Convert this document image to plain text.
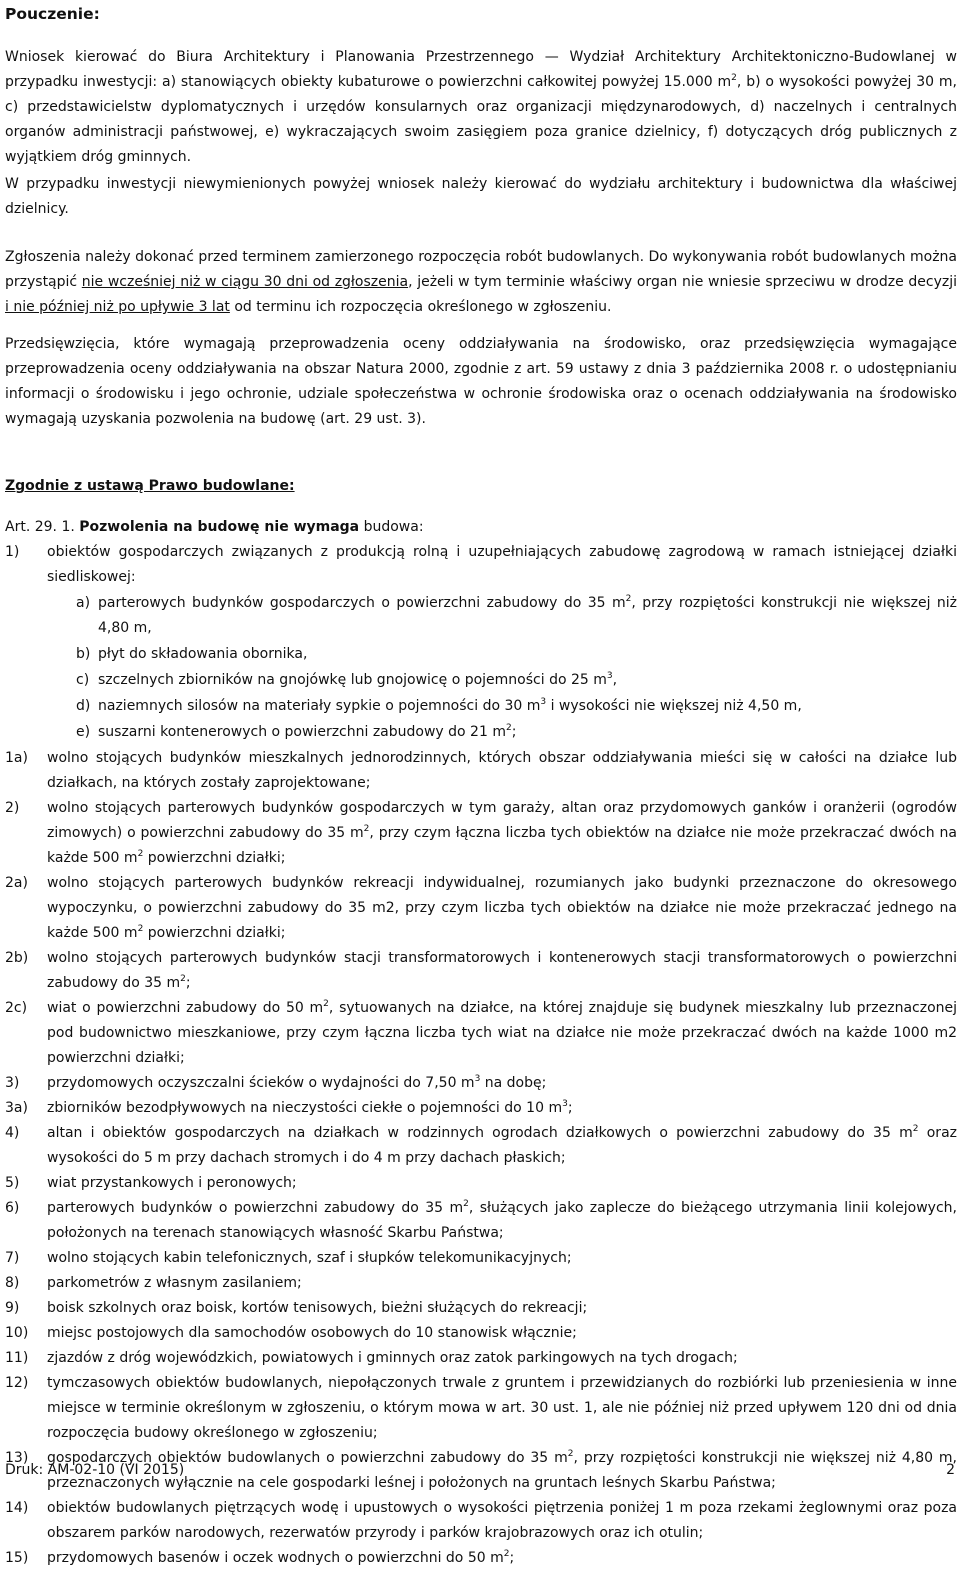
Pouczenie:

Wniosek kierować do Biura Architektury i Planowania Przestrzennego — Wydział Architektury Architektoniczno-Budowlanej w przypadku inwestycji: a) stanowiących obiekty kubaturowe o powierzchni całkowitej powyżej 15.000 $m^2$, b) o wysokości powyżej 30 m, c) przedstawicielstw dyplomatycznych i urzędów konsularnych oraz organizacji międzynarodowych, d) naczelnych i centralnych organów administracji państwowej, e) wykraczających swoim zasięgiem poza granice dzielnicy, f) dotyczących dróg publicznych z wyjątkiem dróg gminnych.

W przypadku inwestycji niewymienionych powyżej wniosek należy kierować do wydziału architektury i budownictwa dla właściwej dzielnicy.

Zgłoszenia należy dokonać przed terminem zamierzonego rozpoczęcia robót budowlanych. Do wykonywania robót budowlanych można przystąpić nie wcześniej niż w ciągu 30 dni od zgłoszenia, jeżeli w tym terminie właściwy organ nie wniesie sprzeciwu w drodze decyzji i nie później niż po upływie 3 lat od terminu ich rozpoczęcia określonego w zgłoszeniu.

Przedsięwzięcia, które wymagają przeprowadzenia oceny oddziaływania na środowisko, oraz przedsięwzięcia wymagające przeprowadzenia oceny oddziaływania na obszar Natura 2000, zgodnie z art. 59 ustawy z dnia 3 października 2008 r. o udostępnianiu informacji o środowisku i jego ochronie, udziale społeczeństwa w ochronie środowiska oraz o ocenach oddziaływania na środowisko wymagają uzyskania pozwolenia na budowę (art. 29 ust. 3).

Zgodnie z ustawą Prawo budowlane:
Art. 29. 1. Pozwolenia na budowę nie wymaga budowa:
1) obiektów gospodarczych związanych z produkcją rolną i uzupełniających zabudowę zagrodową w ramach istniejącej działki siedliskowej:
a) parterowych budynków gospodarczych o powierzchni zabudowy do 35 $m^2$, przy rozpiętości konstrukcji nie większej niż 4,80 m,
b) płyt do składowania obornika,
c) szczelnych zbiorników na gnojówkę lub gnojowicę o pojemności do 25 $m^3$,
d) naziemnych silosów na materiały sypkie o pojemności do 30 $m^3$ i wysokości nie większej niż 4,50 m,
e) suszarni kontenerowych o powierzchni zabudowy do 21 $m^2$;
1a) wolno stojących budynków mieszkalnych jednorodzinnych, których obszar oddziaływania mieści się w całości na działce lub działkach, na których zostały zaprojektowane;
2) wolno stojących parterowych budynków gospodarczych w tym garaży, altan oraz przydomowych ganków i oranżerii (ogrodów zimowych) o powierzchni zabudowy do 35 $m^2$, przy czym łączna liczba tych obiektów na działce nie może przekraczać dwóch na każde 500 $m^2$ powierzchni działki;
2a) wolno stojących parterowych budynków rekreacji indywidualnej, rozumianych jako budynki przeznaczone do okresowego wypoczynku, o powierzchni zabudowy do 35 m2, przy czym liczba tych obiektów na działce nie może przekraczać jednego na każde 500 $m^2$ powierzchni działki;
2b) wolno stojących parterowych budynków stacji transformatorowych i kontenerowych stacji transformatorowych o powierzchni zabudowy do 35 $m^2$;
2c) wiat o powierzchni zabudowy do 50 $m^2$, sytuowanych na działce, na której znajduje się budynek mieszkalny lub przeznaczonej pod budownictwo mieszkaniowe, przy czym łączna liczba tych wiat na działce nie może przekraczać dwóch na każde 1000 m2 powierzchni działki;
3) przydomowych oczyszczalni ścieków o wydajności do 7,50 $m^3$ na dobę;
3a) zbiorników bezodpływowych na nieczystości ciekłe o pojemności do 10 $m^3$;
4) altan i obiektów gospodarczych na działkach w rodzinnych ogrodach działkowych o powierzchni zabudowy do 35 $m^2$ oraz wysokości do 5 m przy dachach stromych i do 4 m przy dachach płaskich;
5) wiat przystankowych i peronowych;
6) parterowych budynków o powierzchni zabudowy do 35 $m^2$, służących jako zaplecze do bieżącego utrzymania linii kolejowych, położonych na terenach stanowiących własność Skarbu Państwa;
7) wolno stojących kabin telefonicznych, szaf i słupków telekomunikacyjnych;
8) parkometrów z własnym zasilaniem;
9) boisk szkolnych oraz boisk, kortów tenisowych, bieżni służących do rekreacji;
10) miejsc postojowych dla samochodów osobowych do 10 stanowisk włącznie;
11) zjazdów z dróg wojewódzkich, powiatowych i gminnych oraz zatok parkingowych na tych drogach;
12) tymczasowych obiektów budowlanych, niepołączonych trwale z gruntem i przewidzianych do rozbiórki lub przeniesienia w inne miejsce w terminie określonym w zgłoszeniu, o którym mowa w art. 30 ust. 1, ale nie później niż przed upływem 120 dni od dnia rozpoczęcia budowy określonego w zgłoszeniu;
13) gospodarczych obiektów budowlanych o powierzchni zabudowy do 35 $m^2$, przy rozpiętości konstrukcji nie większej niż 4,80 m, przeznaczonych wyłącznie na cele gospodarki leśnej i położonych na gruntach leśnych Skarbu Państwa;
14) obiektów budowlanych piętrzących wodę i upustowych o wysokości piętrzenia poniżej 1 m poza rzekami żeglownymi oraz poza obszarem parków narodowych, rezerwatów przyrody i parków krajobrazowych oraz ich otulin;
15) przydomowych basenów i oczek wodnych o powierzchni do 50 $m^2$;
Druk: AM-02-10 (VI 2015)	2
